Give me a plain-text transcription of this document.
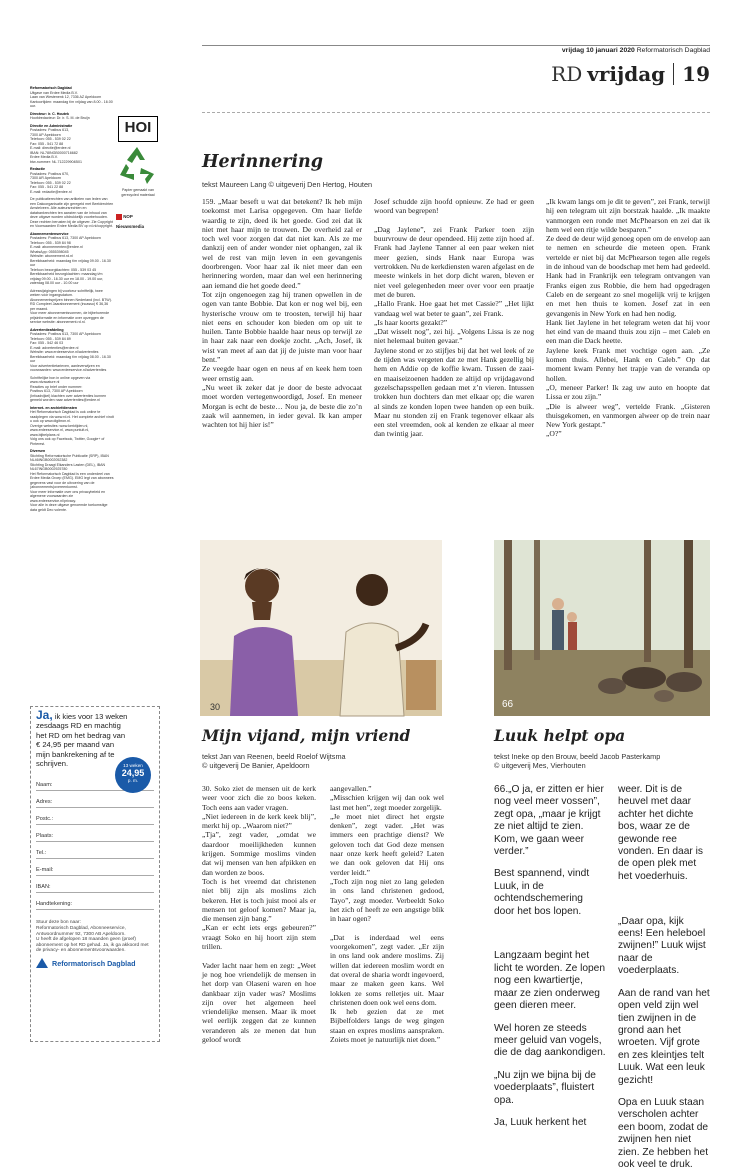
vrijdag 10 januari 2020 Reformatorisch Dagblad
RD vrijdag 19
Reformatorisch Dagblad

Uitgave van Erdee Media B.V.
Laan van Westenenk 12, 7336 AZ Apeldoorn
Kantoortijden: maandag t/m vrijdag van 8.00 - 16.00 uur.
Directeur: ir. C. Houtek

Hoofdredacteur: Dr. ir. S. M. de Bruijn
Directie en Administratie

Postadres: Postbus 613,
7300 AP Apeldoorn
Telefoon: 055 - 539 02 22
Fax: 055 - 541 72 88
E-mail: directie@erdee.nl
IBAN: NL78INGB0000716682
Erdee Media B.V.
btw-nummer: NL.712229904B01
Redactie

Postadres: Postbus 670,
7300 AR Apeldoorn
Telefoon: 055 - 539 02 22
Fax: 055 - 541 22 88
E-mail: redactie@erdee.nl
De publicatierechten van artikelen van leden van een Dakcorganisatie zijn geregeld met Beeldrechten Amstelveen. Alle auteursrechten en databankrechten ten aanzien van de inhoud van deze uitgave worden uitdrukkelijk voorbehouden. Deze rechten berusten bij de uitgever. Zie Copyright en Voorwaarden Erdee Media BV op rd.nl/copyright.
Abonnementenservice

Postadres: Postbus 613, 7300 AP Apeldoorn
Telefoon: 055 - 539 84 98
E-mail: abonnementen@erdee.nl
WhatsApp: 0555398045
Website: abonnement.rd.nl
Bereikbaarheid: maandag t/m vrijdag 09.00 - 16.30 uur
Telefoon bezorgklachten: 055 - 539 03 45
Bereikbaarheid bezorgklachten: maandag t/m vrijdag 09.00 - 16.30 uur en 18.00 - 19.00 uur, zaterdag 08.00 uur - 10.00 uur
Adreswijzigingen bij voorkeur schriftelijk, twee weken vóór ingangsdatum.
Abonnementsprijzen binnen Nederland (incl. BTW).
RD Compleet Jaarabonnement (incasso) € 36,36 per maand.
Voor meer abonnementsvormen, de bijbehorende prijsinformatie en informatie over opzeggen de service website: abonnement.rd.nl.
Advertentieafdeling

Postadres: Postbus 613, 7300 AP Apeldoorn
Telefoon: 055 - 539 84 89
Fax: 055 - 542 46 03
E-mail: advertenties@erdee.nl
Website: www.erdeeservice.nl/advertenties
Bereikbaarheid: maandag t/m vrijdag 08.00 - 16.30 uur
Voor advertentietarieven, aanleverwijzen en voorwaarden: www.erdeeservice.nl/advertenties
Schriftelijke bon in online opgeven via www.rdvacature.nl
Reacties op brief onder nummer:
Postbus 613, 7300 AP Apeldoorn
(Infoadvijkel) klachten over advertenties kunnen gemeld worden naar advertenties@erdee.nl
Internet- en archiefdiensten

Het Reformatorisch Dagblad is ook online te raadplegen via www.rd.nl. Het complete archief vindt u ook op www.digibron.nl.
Overige websites: www.kerktijden.nl, www.erdeeservice.nl, www.puntuit.nl, www.bijbelplans.nl
Volg ons ook op Facebook, Twitter, Google+ of Pinterest.
Diversen

Stichting Reformatorische Publicatie (SRP), IBAN NL46INGB0002052382
Stichting Draagt Elkanders Lasten (DEL), IBAN NL67INGB0002925780
Het Reformatorisch Dagblad is een onderdeel van Erdee Media Groep (EMG). EMG legt van abonnees gegevens vast voor de uitvoering van de (abonnements)overeenkomst.
Voor meer informatie over ons privacybeleid en algemene voorwaarden zie www.erdeeservice.nl/privacy.
Voor alle in deze uitgave genoemde toekomstige data geldt Deo volente.
HOI
Papier gemaakt van gerecycled materiaal
NOP Nieuwsmedia
Ja, ik kies voor 13 weken zesdaags RD en machtig het RD om het bedrag van € 24,95 per maand van mijn bankrekening af te schrijven.	13 weken
24,95
p. m.
Naam:
Adres:
Postc.:
Plaats:
Tel.:
E-mail:
IBAN:
Handtekening:
Stuur deze bon naar:
Reformatorisch Dagblad, Abonneeservice,
Antwoordnummer 92, 7300 AB Apeldoorn.
U heeft de afgelopen 18 maanden geen (proef) abonnement op het RD gehad. Ja, ik ga akkoord met de privacy- en abonnementsvoorwaarden.
Reformatorisch Dagblad
Herinnering
tekst Maureen Lang © uitgeverij Den Hertog, Houten

159. „Maar beseft u wat dat betekent? Ik heb mijn toekomst met Larisa opgegeven. Om haar liefde waardig te zijn, deed ik het goede. God zei dat ik niet met haar mijn te trouwen. De overheid zal er toch wel voor zorgen dat dat niet kan. Als ze me dankzij een of ander wonder niet ophangen, zal ik wel de rest van mijn leven in een gevangenis doorbrengen. Voor haar zal ik niet meer dan een herinnering worden, maar dan wel een herinnering aan iemand die het goede deed.”

Tot zijn ongenoegen zag hij tranen opwellen in de ogen van tante Bobbie. Dat kon er nog wel bij, een hysterische vrouw om te troosten, terwijl hij haar niet eens en schouder kon bieden om op uit te huilen. Tante Bobbie haalde haar neus op terwijl ze in haar zak naar een doekje zocht. „Ach, Josef, ik wist van meet af aan dat jij de juiste man voor haar bent.”

Ze veegde haar ogen en neus af en keek hem toen weer ernstig aan.

„Nu weet ik zeker dat je door de beste advocaat moet worden vertegenwoordigd, Josef. En meneer Morgan is echt de beste… Nou ja, de beste die zo’n zaak wil aannemen, in ieder geval. Ik kan amper wachten tot hij hier is!”

Josef schudde zijn hoofd opnieuw. Ze had er geen woord van begrepen!

„Dag Jaylene”, zei Frank Parker toen zijn buurvrouw de deur opendeed. Hij zette zijn hoed af. Frank had Jaylene Tanner al een paar weken niet meer gezien, sinds Hank naar Europa was vertrokken. Nu de kerkdiensten waren afgelast en de meeste winkels in het dorp dicht waren, bleven er niet veel gelegenheden meer over voor een praatje met de buren.

„Hallo Frank. Hoe gaat het met Cassie?” „Het lijkt vandaag wel wat beter te gaan”, zei Frank.

„Is haar koorts gezakt?”

„Dat wisselt nog”, zei hij. „Volgens Lissa is ze nog niet helemaal buiten gevaar.”

Jaylene stond er zo stijfjes bij dat het wel leek of ze de tijden was vergeten dat ze met Hank gezellig bij hem en Addie op de koffie kwam. Tussen de zaai- en maaiseizoenen hadden ze altijd op vrijdagavond gezelschapsspellen gedaan met z’n vieren. Intussen trokken hun dochters dan met elkaar op; die waren al sinds ze konden lopen twee handen op een buik. Maar nu stonden zij en Frank tegenover elkaar als een stel vreemden, ook al kenden ze elkaar al meer dan twintig jaar.

„Ik kwam langs om je dit te geven”, zei Frank, terwijl hij een telegram uit zijn borstzak haalde. „Ik maakte vanmorgen een ronde met McPhearson en zei dat ik hem wel een ritje wilde besparen.”

Ze deed de deur wijd genoeg open om de envelop aan te nemen en scheurde die meteen open. Frank vertelde er niet bij dat McPhearson tegen alle regels in de inhoud van de boodschap met hem had gedeeld. Hank had in Frankrijk een telegram ontvangen van Franks eigen zus Robbie, die hem had opgedragen Caleb en de sergeant zo snel mogelijk vrij te krijgen en met hen thuis te komen. Josef zat in een gevangenis in New York en had hen nodig.

Hank liet Jaylene in het telegram weten dat hij voor het eind van de maand thuis zou zijn – met Caleb en een man die Dack heette.

Jaylene keek Frank met vochtige ogen aan. „Ze komen thuis. Allebei, Hank en Caleb.” Op dat moment kwam Penny het trapje van de veranda op hollen.

„O, meneer Parker! Ik zag uw auto en hoopte dat Lissa er zou zijn.”

„Die is alweer weg”, vertelde Frank. „Gisteren thuisgekomen, en vanmorgen alweer op de trein naar New York gestapt.”

„O?”

30	66
Mijn vijand, mijn vriend
tekst Jan van Reenen, beeld Roelof Wijtsma
© uitgeverij De Banier, Apeldoorn

30. Soko ziet de mensen uit de kerk weer voor zich die zo boos keken. Toch eens aan vader vragen.

„Niet iedereen in de kerk keek blij”, merkt hij op. „Waarom niet?”

„Tja”, zegt vader, „omdat we daardoor moeilijkheden kunnen krijgen. Sommige moslims vinden dat wij mensen van hen afpikken en dan worden ze boos.

Toch is het vreemd dat christenen niet blij zijn als moslims zich bekeren. Het is toch juist mooi als er mensen tot geloof komen? Maar ja, die mensen zijn bang.”

„Kan er echt iets ergs gebeuren?” vraagt Soko en hij hoort zijn stem trillen.

Vader lacht naar hem en zegt: „Weet je nog hoe vriendelijk de mensen in het dorp van Olaseni waren en hoe dankbaar zijn vader was? Moslims zijn over het algemeen heel vriendelijke mensen. Maar ik moet wel eerlijk zeggen dat ze kunnen veranderen als ze menen dat hun geloof wordt

aangevallen.”

„Misschien krijgen wij dan ook wel last met hen”, zegt moeder zorgelijk.

„Je moet niet direct het ergste denken”, zegt vader. „Het was immers een prachtige dienst? We geloven toch dat God deze mensen naar onze kerk heeft geleid? Laten we dan ook geloven dat Hij ons verder leidt.”

„Toch zijn nog niet zo lang geleden in ons land christenen gedood, Tayo”, zegt moeder. Verbeeldt Soko het zich of heeft ze een angstige blik in haar ogen?

„Dat is inderdaad wel eens voorgekomen”, zegt vader. „Er zijn in ons land ook andere moslims. Zij willen dat iedereen moslim wordt en dat overal de sharia wordt ingevoerd, maar ze maken geen kans. Wel lokken ze soms relletjes uit. Maar christenen doen ook wel eens dom.

Ik heb gezien dat ze met Bijbelfolders langs de weg gingen staan en expres moslims aanspraken. Zoiets moet je natuurlijk niet doen.”

Luuk helpt opa
tekst Ineke op den Brouw, beeld Jacob Pasterkamp
© uitgeverij Mes, Vierhouten

66.„O ja, er zitten er hier nog veel meer vossen”, zegt opa, „maar je krijgt ze niet altijd te zien. Kom, we gaan weer verder.”

Best spannend, vindt Luuk, in de ochtendschemering door het bos lopen.

Langzaam begint het licht te worden. Ze lopen nog een kwartiertje, maar ze zien onderweg geen dieren meer.

Wel horen ze steeds meer geluid van vogels, die de dag aankondigen.

„Nu zijn we bijna bij de voederplaats”, fluistert opa.

Ja, Luuk herkent het

weer. Dit is de heuvel met daar achter het dichte bos, waar ze de gewonde ree vonden. En daar is de open plek met het voederhuis.

„Daar opa, kijk eens! Een heleboel zwijnen!” Luuk wijst naar de voederplaats.

Aan de rand van het open veld zijn wel tien zwijnen in de grond aan het wroeten. Vijf grote en zes kleintjes telt Luuk. Wat een leuk gezicht!

Opa en Luuk staan verscholen achter een boom, zodat de zwijnen hen niet zien. Ze hebben het ook veel te druk.
